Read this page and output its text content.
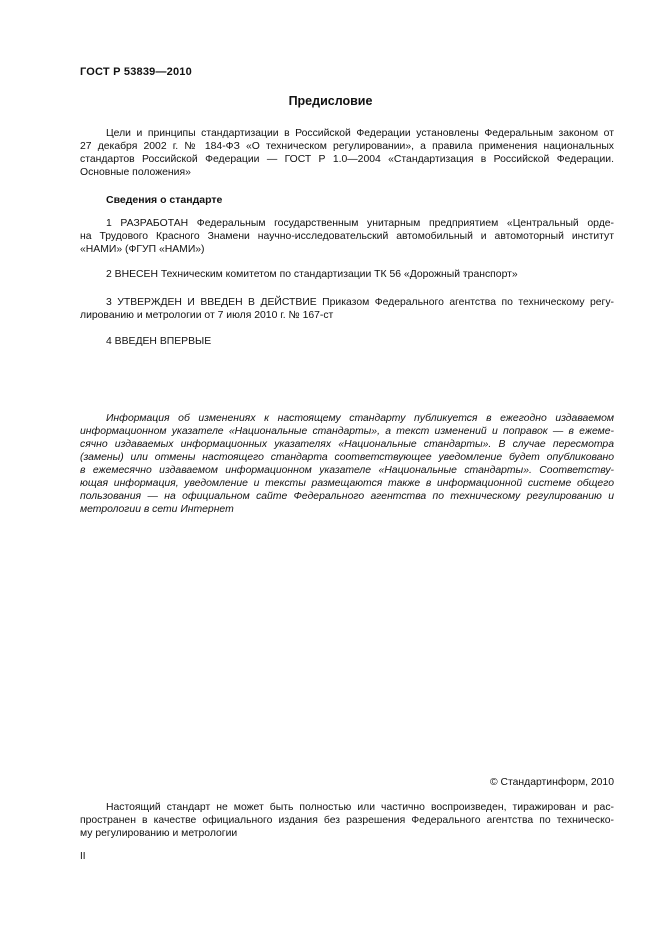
ГОСТ Р 53839—2010
Предисловие
Цели и принципы стандартизации в Российской Федерации установлены Федеральным законом от
27 декабря 2002 г. № 184-ФЗ «О техническом регулировании», а правила применения национальных
стандартов Российской Федерации — ГОСТ Р 1.0—2004 «Стандартизация в Российской Федерации.
Основные положения»
Сведения о стандарте
1 РАЗРАБОТАН Федеральным государственным унитарным предприятием «Центральный орде-
на Трудового Красного Знамени научно-исследовательский автомобильный и автомоторный институт
«НАМИ» (ФГУП «НАМИ»)
2 ВНЕСЕН Техническим комитетом по стандартизации ТК 56 «Дорожный транспорт»
3 УТВЕРЖДЕН И ВВЕДЕН В ДЕЙСТВИЕ Приказом Федерального агентства по техническому регу-
лированию и метрологии от 7 июля 2010 г. № 167-ст
4 ВВЕДЕН ВПЕРВЫЕ
Информация об изменениях к настоящему стандарту публикуется в ежегодно издаваемом
информационном указателе «Национальные стандарты», а текст изменений и поправок — в ежеме-
сячно издаваемых информационных указателях «Национальные стандарты». В случае пересмотра
(замены) или отмены настоящего стандарта соответствующее уведомление будет опубликовано
в ежемесячно издаваемом информационном указателе «Национальные стандарты». Соответству-
ющая информация, уведомление и тексты размещаются также в информационной системе общего
пользования — на официальном сайте Федерального агентства по техническому регулированию и
метрологии в сети Интернет
© Стандартинформ, 2010
Настоящий стандарт не может быть полностью или частично воспроизведен, тиражирован и рас-
пространен в качестве официального издания без разрешения Федерального агентства по техническо-
му регулированию и метрологии
II
